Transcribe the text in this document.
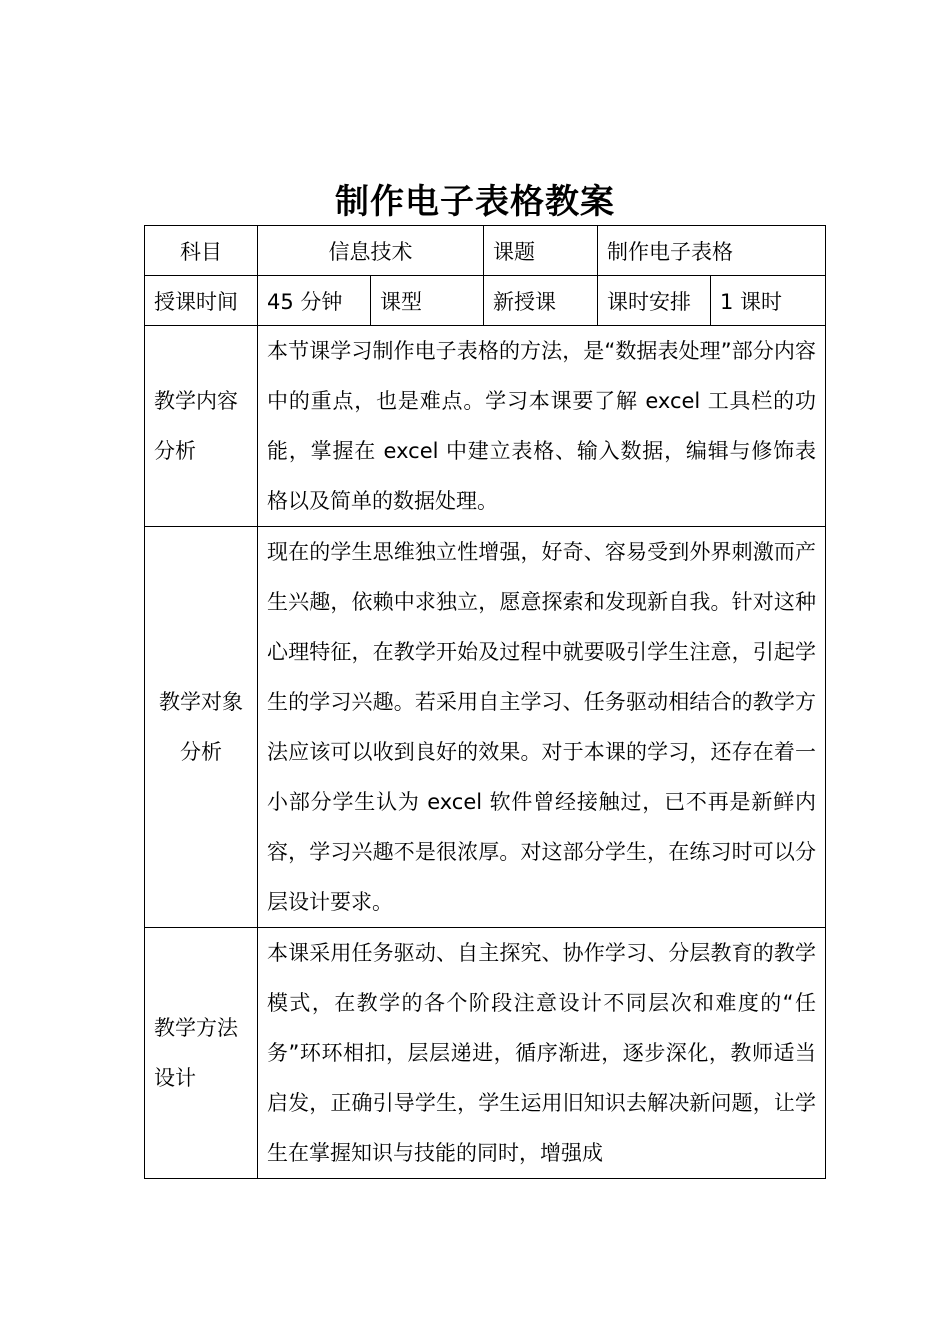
制作电子表格教案
科目	信息技术		课题	制作电子表格	
授课时间	45 分钟	课型	新授课	课时安排	1 课时

教学内容
分析	本节课学习制作电子表格的方法，是“数据表处理”部分内容中的重点，也是难点。学习本课要了解 excel 工具栏的功能，掌握在 excel 中建立表格、输入数据，编辑与修饰表格以及简单的数据处理。				

教学对象
分析	现在的学生思维独立性增强，好奇、容易受到外界刺激而产生兴趣，依赖中求独立，愿意探索和发现新自我。针对这种心理特征，在教学开始及过程中就要吸引学生注意，引起学生的学习兴趣。若采用自主学习、任务驱动相结合的教学方法应该可以收到良好的效果。对于本课的学习，还存在着一小部分学生认为 excel 软件曾经接触过，已不再是新鲜内容，学习兴趣不是很浓厚。对这部分学生，在练习时可以分层设计要求。				

教学方法
设计	本课采用任务驱动、自主探究、协作学习、分层教育的教学模式，在教学的各个阶段注意设计不同层次和难度的“任务”环环相扣，层层递进，循序渐进，逐步深化，教师适当启发，正确引导学生，学生运用旧知识去解决新问题，让学生在掌握知识与技能的同时，增强成				
